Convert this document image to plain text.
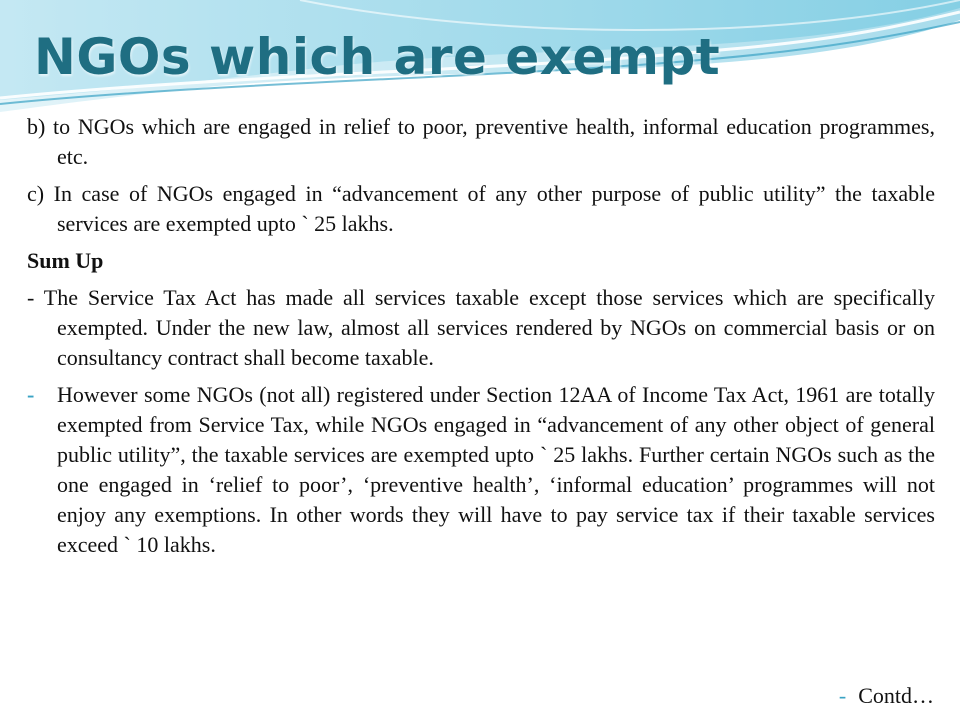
NGOs which are exempt

b) to NGOs which are engaged in relief to poor, preventive health, informal education programmes, etc.

c) In case of NGOs engaged in “advancement of any other purpose of public utility” the taxable services are exempted upto ` 25 lakhs.

Sum Up

- The Service Tax Act has made all services taxable except those services which are specifically exempted. Under the new law, almost all services rendered by NGOs on commercial basis or on consultancy contract shall become taxable.

- However some NGOs (not all) registered under Section 12AA of Income Tax Act, 1961 are totally exempted from Service Tax, while NGOs engaged in “advancement of any other object of general public utility”, the taxable services are exempted upto ` 25 lakhs. Further certain NGOs such as the one engaged in ‘relief to poor’, ‘preventive health’, ‘informal education’ programmes will not enjoy any exemptions. In other words they will have to pay service tax if their taxable services exceed ` 10 lakhs.
- Contd…
